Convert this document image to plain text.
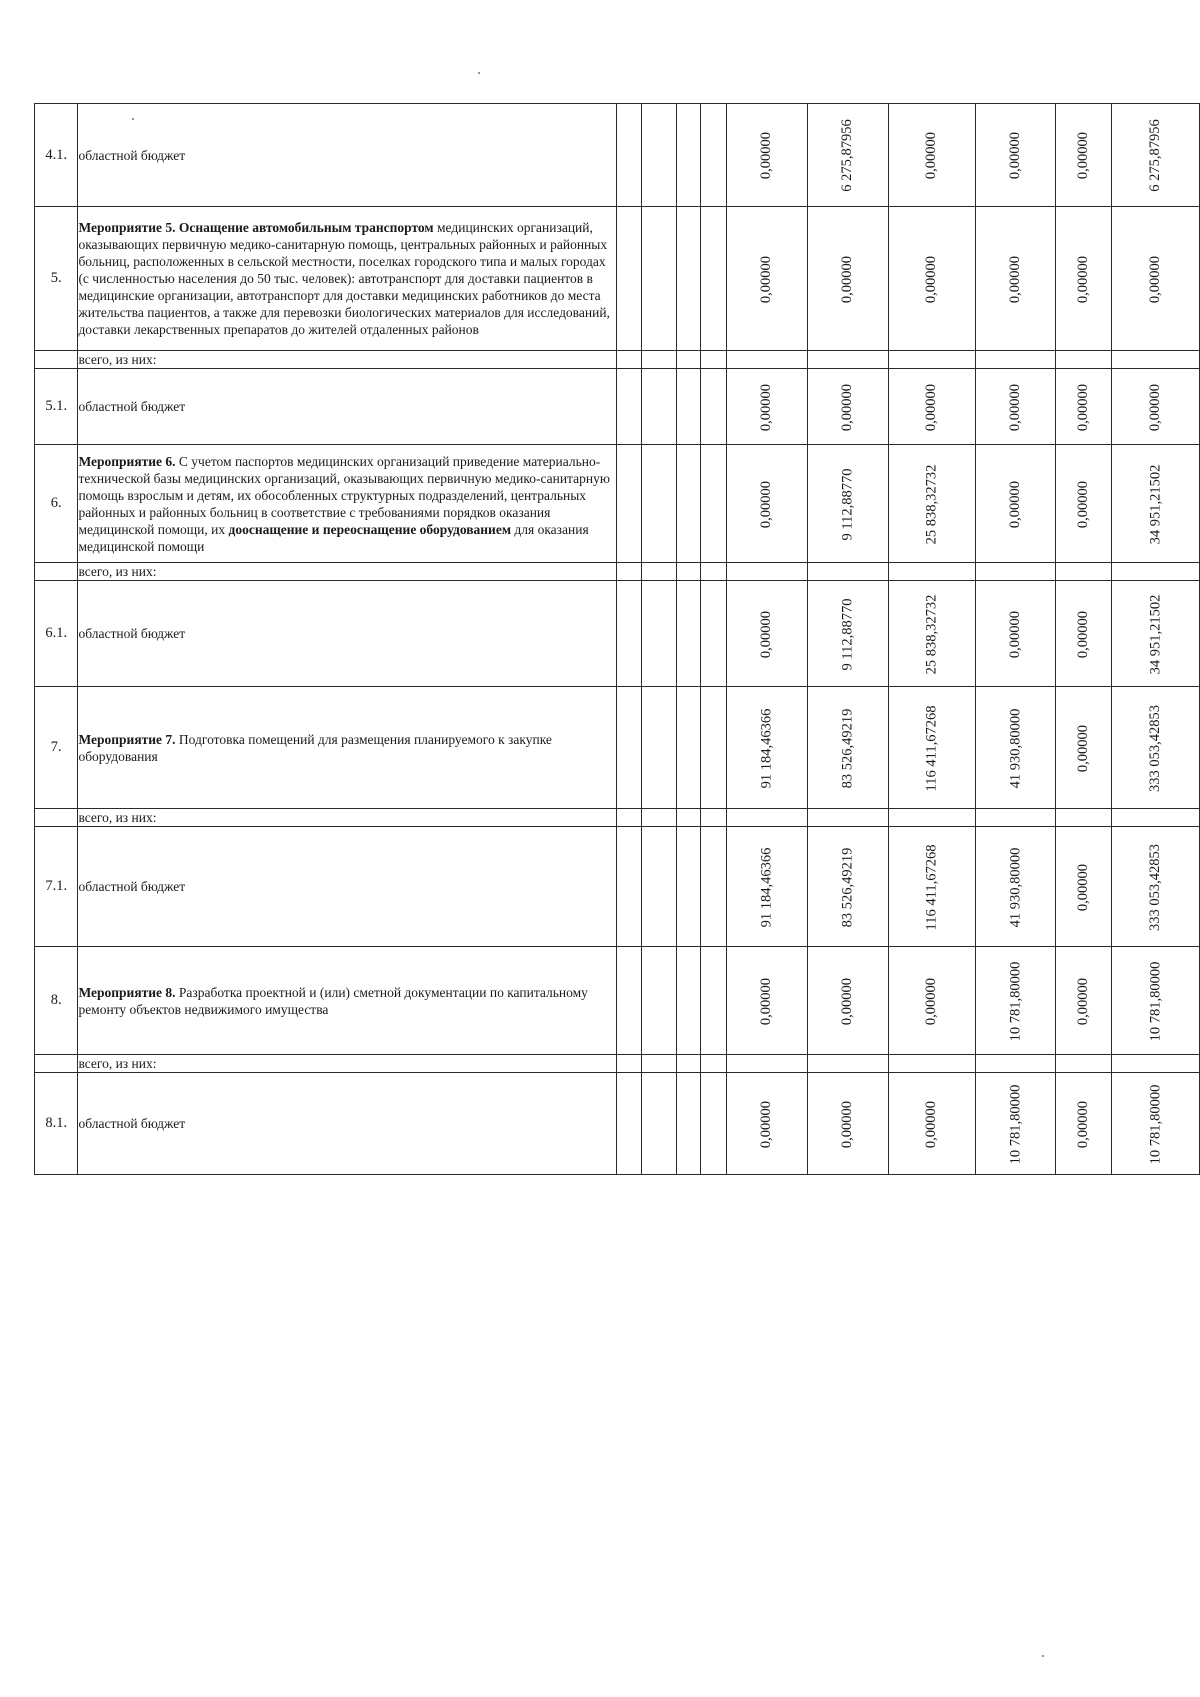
4.1.	областной бюджет					0,00000	6 275,87956	0,00000	0,00000	0,00000	6 275,87956
5.	Мероприятие 5. Оснащение автомобильным транспортом медицинских организаций, оказывающих первичную медико-санитарную помощь, центральных районных и районных больниц, расположенных в сельской местности, поселках городского типа и малых городах (с численностью населения до 50 тыс. человек): автотранспорт для доставки пациентов в медицинские организации, автотранспорт для доставки медицинских работников до места жительства пациентов, а также для перевозки биологических материалов для исследований, доставки лекарственных препаратов до жителей отдаленных районов					0,00000	0,00000	0,00000	0,00000	0,00000	0,00000
	всего, из них:										
5.1.	областной бюджет					0,00000	0,00000	0,00000	0,00000	0,00000	0,00000
6.	Мероприятие 6. С учетом паспортов медицинских организаций приведение материально-технической базы медицинских организаций, оказывающих первичную медико-санитарную помощь взрослым и детям, их обособленных структурных подразделений, центральных районных и районных больниц в соответствие с требованиями порядков оказания медицинской помощи, их дооснащение и переоснащение оборудованием для оказания медицинской помощи					0,00000	9 112,88770	25 838,32732	0,00000	0,00000	34 951,21502
	всего, из них:										
6.1.	областной бюджет					0,00000	9 112,88770	25 838,32732	0,00000	0,00000	34 951,21502
7.	Мероприятие 7. Подготовка помещений для размещения планируемого к закупке оборудования					91 184,46366	83 526,49219	116 411,67268	41 930,80000	0,00000	333 053,42853
	всего, из них:										
7.1.	областной бюджет					91 184,46366	83 526,49219	116 411,67268	41 930,80000	0,00000	333 053,42853
8.	Мероприятие 8. Разработка проектной и (или) сметной документации по капитальному ремонту объектов недвижимого имущества					0,00000	0,00000	0,00000	10 781,80000	0,00000	10 781,80000
	всего, из них:										
8.1.	областной бюджет					0,00000	0,00000	0,00000	10 781,80000	0,00000	10 781,80000
